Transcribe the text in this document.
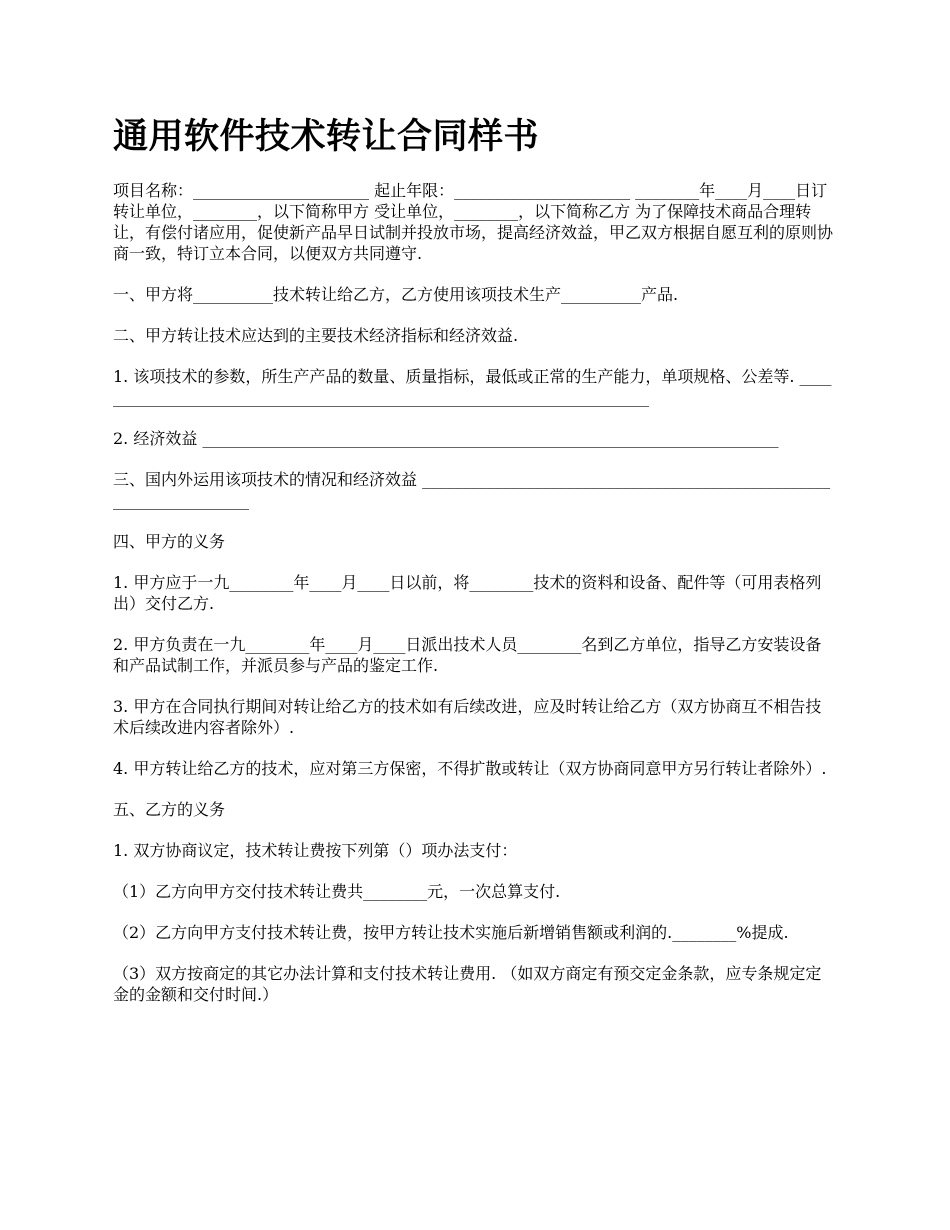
通用软件技术转让合同样书

项目名称：______________________ 起止年限：______________________ ________年____月____日订 转让单位，________，以下简称甲方 受让单位，________，以下简称乙方 为了保障技术商品合理转让，有偿付诸应用，促使新产品早日试制并投放市场，提高经济效益，甲乙双方根据自愿互利的原则协商一致，特订立本合同，以便双方共同遵守.

一、甲方将__________技术转让给乙方，乙方使用该项技术生产__________产品.

二、甲方转让技术应达到的主要技术经济指标和经济效益.

1. 该项技术的参数，所生产产品的数量、质量指标，最低或正常的生产能力，单项规格、公差等. _______________________________________________________________________

2. 经济效益 ________________________________________________________________________

三、国内外运用该项技术的情况和经济效益 ____________________________________________________________________

四、甲方的义务

1. 甲方应于一九________年____月____日以前，将________技术的资料和设备、配件等（可用表格列出）交付乙方.

2. 甲方负责在一九________年____月____日派出技术人员________名到乙方单位，指导乙方安装设备和产品试制工作，并派员参与产品的鉴定工作.

3. 甲方在合同执行期间对转让给乙方的技术如有后续改进，应及时转让给乙方（双方协商互不相告技术后续改进内容者除外）.

4. 甲方转让给乙方的技术，应对第三方保密，不得扩散或转让（双方协商同意甲方另行转让者除外）.

五、乙方的义务

1. 双方协商议定，技术转让费按下列第（）项办法支付：

（1）乙方向甲方交付技术转让费共________元，一次总算支付.

（2）乙方向甲方支付技术转让费，按甲方转让技术实施后新增销售额或利润的.________%提成.

（3）双方按商定的其它办法计算和支付技术转让费用. （如双方商定有预交定金条款，应专条规定定金的金额和交付时间.）
